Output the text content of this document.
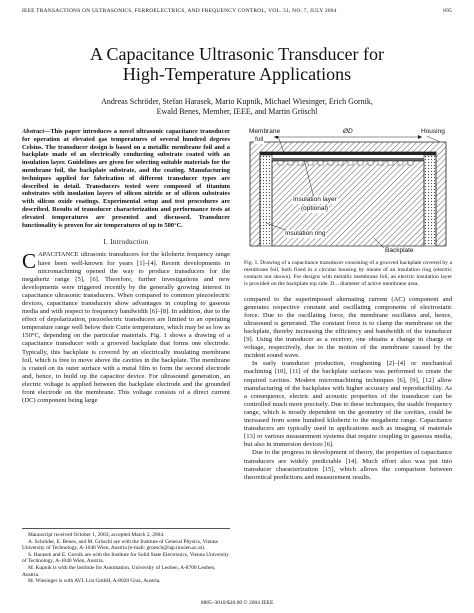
IEEE TRANSACTIONS ON ULTRASONICS, FERROELECTRICS, AND FREQUENCY CONTROL, VOL. 51, NO. 7, JULY 2004	895
A Capacitance Ultrasonic Transducer for
High-Temperature Applications
Andreas Schröder, Stefan Harasek, Mario Kupnik, Michael Wiesinger, Erich Gornik,
Ewald Benes, Member, IEEE, and Martin Gröschl
Abstract—This paper introduces a novel ultrasonic capacitance transducer for operation at elevated gas temperatures of several hundred degrees Celsius. The transducer design is based on a metallic membrane foil and a backplate made of an electrically conducting substrate coated with an insulation layer. Guidelines are given for selecting suitable materials for the membrane foil, the backplate substrate, and the coating. Manufacturing techniques applied for fabrication of different transducer types are described in detail. Transducers tested were composed of titanium substrates with insulation layers of silicon nitride or of silicon substrates with silicon oxide coatings. Experimental setup and test procedures are described. Results of transducer characterization and performance tests at elevated temperatures are presented and discussed. Transducer functionality is proven for air temperatures of up to 500°C.
I. Introduction

CAPACITANCE ultrasonic transducers for the kilohertz frequency range have been well-known for years [1]–[4]. Recent developments in micromachining opened the way to produce transducers for the megahertz range [5], [6]. Therefore, further investigations and new developments were triggered recently by the generally growing interest in capacitance ultrasonic transducers. When compared to common piezoelectric devices, capacitance transducers show advantages in coupling to gaseous media and with respect to frequency bandwidth [6]–[8]. In addition, due to the effect of depolarization, piezoelectric transducers are limited to an operating temperature range well below their Curie temperature, which may be as low as 150°C, depending on the particular materials. Fig. 1 shows a drawing of a capacitance transducer with a grooved backplate that forms one electrode. Typically, this backplate is covered by an electrically insulating membrane foil, which is free to move above the cavities in the backplate. The membrane is coated on its outer surface with a metal film to form the second electrode and, hence, to build up the capacitor device. For ultrasound generation, an electric voltage is applied between the backplate electrode and the grounded front electrode on the membrane. This voltage consists of a direct current (DC) component being large

Manuscript received October 1, 2003; accepted March 2, 2004.
A. Schröder, E. Benes, and M. Gröschl are with the Institute of General Physics, Vienna University of Technology, A-1040 Wien, Austria (e-mail: groesch@iap.tuwien.ac.at).
S. Harasek and E. Gornik are with the Institute for Solid State Electronics, Vienna University of Technology, A-1040 Wien, Austria.
M. Kupnik is with the Institute for Automation, University of Leoben, A-8700 Leoben, Austria.
M. Wiesinger is with AVL List GmbH, A-8020 Graz, Austria.
Membrane
foil
ØD	Housing
Insulation layer
(optional)
Insulation ring
Backplate
Fig. 1. Drawing of a capacitance transducer consisting of a grooved backplate covered by a membrane foil, both fixed in a circular housing by means of an insulation ring (electric contacts not shown). For designs with metallic membrane foil, an electric insulation layer is provided on the backplate top side. D... diameter of active membrane area.

compared to the superimposed alternating current (AC) component and generates respective constant and oscillating components of electrostatic force. Due to the oscillating force, the membrane oscillates and, hence, ultrasound is generated. The constant force is to clamp the membrane on the backplate, thereby increasing the efficiency and bandwidth of the transducer [9]. Using the transducer as a receiver, one obtains a change in charge or voltage, respectively, due to the motion of the membrane caused by the incident sound wave.

In early transducer production, roughening [2]–[4] or mechanical machining [10], [11] of the backplate surfaces was performed to create the required cavities. Modern micromachining techniques [6], [9], [12] allow manufacturing of the backplates with higher accuracy and reproducibility. As a consequence, electric and acoustic properties of the transducer can be controlled much more precisely. Due to these techniques, the usable frequency range, which is mostly dependent on the geometry of the cavities, could be increased from some hundred kilohertz to the megahertz range. Capacitance transducers are typically used in applications such as imaging of materials [13] or various measurement systems that require coupling to gaseous media, but also in immersion devices [6].

Due to the progress in development of theory, the properties of capacitance transducers are widely predictable [14]. Much effort also was put into transducer characterization [15], which allows the comparison between theoretical predictions and measurement results.

0885–3010/$20.00 © 2004 IEEE
